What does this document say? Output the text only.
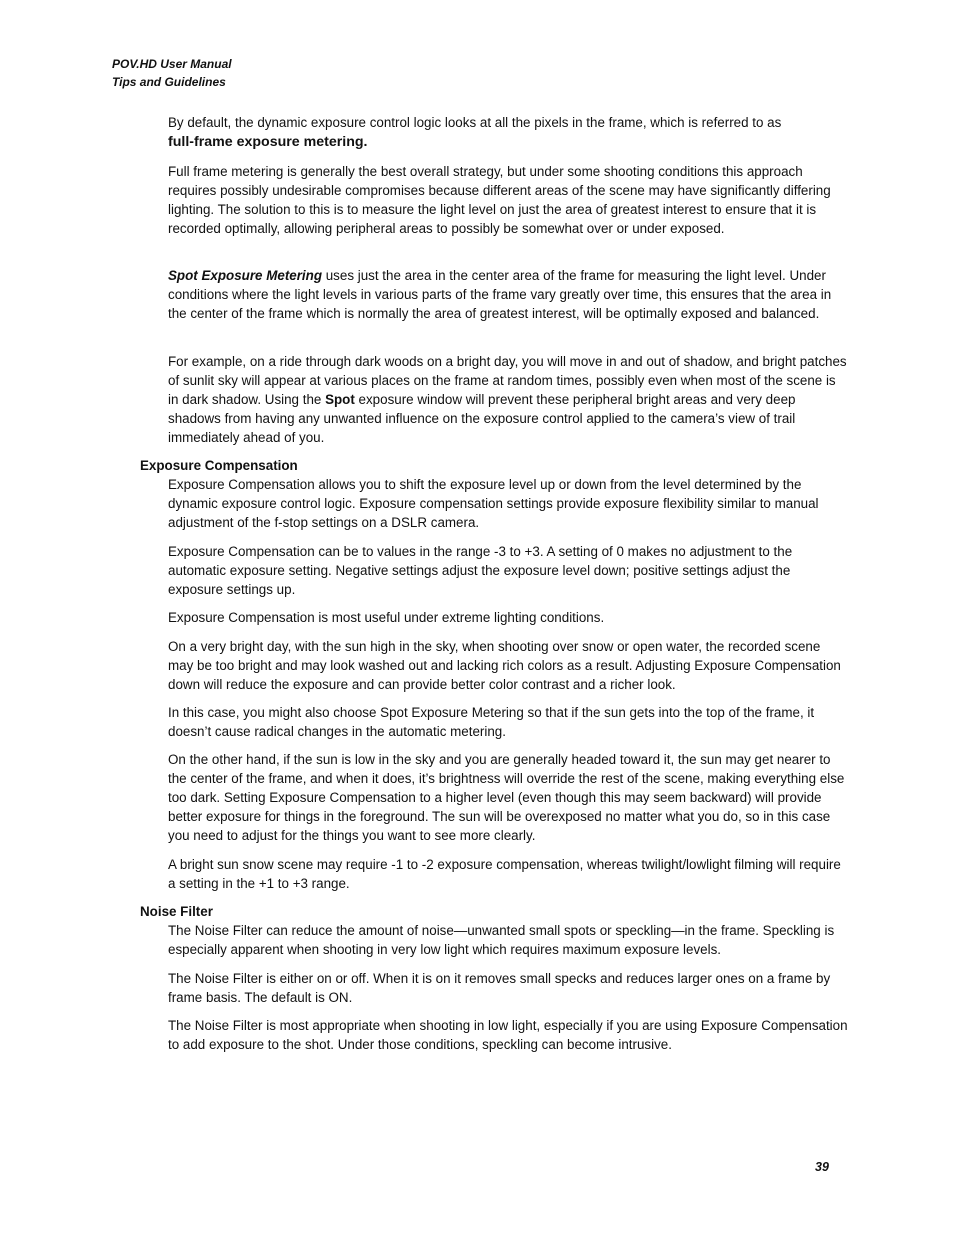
POV.HD User Manual
Tips and Guidelines

By default, the dynamic exposure control logic looks at all the pixels in the frame, which is referred to as
full-frame exposure metering.

Full frame metering is generally the best overall strategy, but under some shooting conditions this approach requires possibly undesirable compromises because different areas of the scene may have significantly differing lighting. The solution to this is to measure the light level on just the area of greatest interest to ensure that it is recorded optimally, allowing peripheral areas to possibly be somewhat over or under exposed.

Spot Exposure Metering uses just the area in the center area of the frame for measuring the light level. Under conditions where the light levels in various parts of the frame vary greatly over time, this ensures that the area in the center of the frame which is normally the area of greatest interest, will be optimally exposed and balanced.

For example, on a ride through dark woods on a bright day, you will move in and out of shadow, and bright patches of sunlit sky will appear at various places on the frame at random times, possibly even when most of the scene is in dark shadow. Using the Spot exposure window will prevent these peripheral bright areas and very deep shadows from having any unwanted influence on the exposure control applied to the camera’s view of trail immediately ahead of you.

Exposure Compensation

Exposure Compensation allows you to shift the exposure level up or down from the level determined by the dynamic exposure control logic. Exposure compensation settings provide exposure flexibility similar to manual adjustment of the f-stop settings on a DSLR camera.

Exposure Compensation can be to values in the range -3 to +3. A setting of 0 makes no adjustment to the automatic exposure setting. Negative settings adjust the exposure level down; positive settings adjust the exposure settings up.

Exposure Compensation is most useful under extreme lighting conditions.

On a very bright day, with the sun high in the sky, when shooting over snow or open water, the recorded scene may be too bright and may look washed out and lacking rich colors as a result. Adjusting Exposure Compensation down will reduce the exposure and can provide better color contrast and a richer look.

In this case, you might also choose Spot Exposure Metering so that if the sun gets into the top of the frame, it doesn’t cause radical changes in the automatic metering.

On the other hand, if the sun is low in the sky and you are generally headed toward it, the sun may get nearer to the center of the frame, and when it does, it’s brightness will override the rest of the scene, making everything else too dark. Setting Exposure Compensation to a higher level (even though this may seem backward) will provide better exposure for things in the foreground. The sun will be overexposed no matter what you do, so in this case you need to adjust for the things you want to see more clearly.

A bright sun snow scene may require -1 to -2 exposure compensation, whereas twilight/lowlight filming will require a setting in the +1 to +3 range.

Noise Filter

The Noise Filter can reduce the amount of noise—unwanted small spots or speckling—in the frame. Speckling is especially apparent when shooting in very low light which requires maximum exposure levels.

The Noise Filter is either on or off. When it is on it removes small specks and reduces larger ones on a frame by frame basis. The default is ON.

The Noise Filter is most appropriate when shooting in low light, especially if you are using Exposure Compensation to add exposure to the shot. Under those conditions, speckling can become intrusive.

39
